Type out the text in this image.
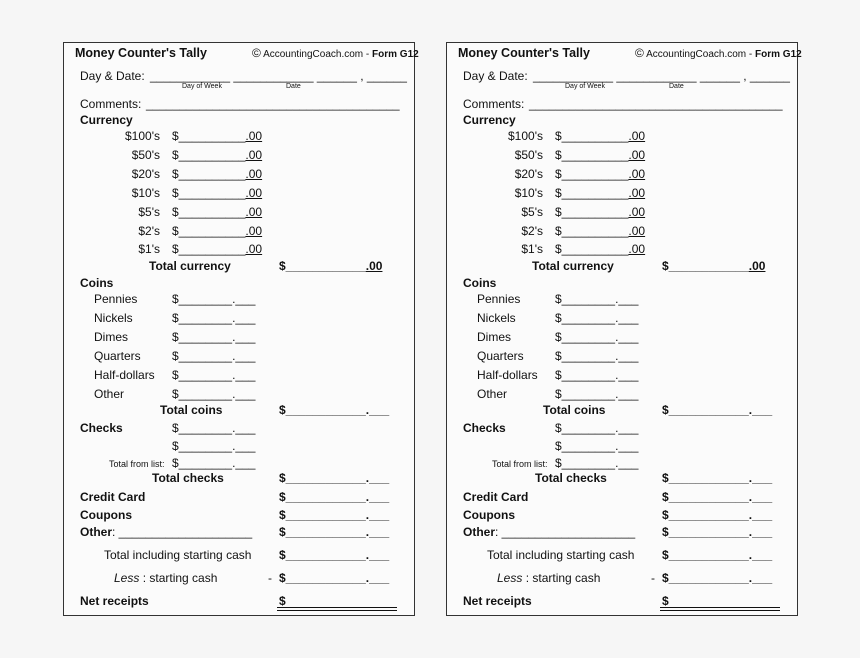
Money Counter's Tally	© AccountingCoach.com - Form G12
Day & Date: ____________ ____________ ______ , ______
Day of Week	Date
Comments: ______________________________________
Currency
$100's $__________.00
$50's $__________.00
$20's $__________.00
$10's $__________.00
$5's $__________.00
$2's $__________.00
$1's $__________.00
Total currency	$____________.00
Coins
Pennies	$________.___
Nickels	$________.___
Dimes	$________.___
Quarters	$________.___
Half-dollars $________.___
Other	$________.___
Total coins	$____________.___
Checks	$________.___
$________.___
Total from list: $________.___
Total checks	$____________.___
Credit Card	$____________.___
Coupons	$____________.___
Other: ____________________ $____________.___
Total including starting cash $____________.___
Less : starting cash	- $____________.___
Net receipts	$
Money Counter's Tally	© AccountingCoach.com - Form G12
Day & Date: ____________ ____________ ______ , ______
Day of Week	Date
Comments: ______________________________________
Currency
$100's $__________.00
$50's $__________.00
$20's $__________.00
$10's $__________.00
$5's $__________.00
$2's $__________.00
$1's $__________.00
Total currency	$____________.00
Coins
Pennies	$________.___
Nickels	$________.___
Dimes	$________.___
Quarters	$________.___
Half-dollars $________.___
Other	$________.___
Total coins	$____________.___
Checks	$________.___
$________.___
Total from list: $________.___
Total checks	$____________.___
Credit Card	$____________.___
Coupons	$____________.___
Other: ____________________ $____________.___
Total including starting cash $____________.___
Less : starting cash	- $____________.___
Net receipts	$
